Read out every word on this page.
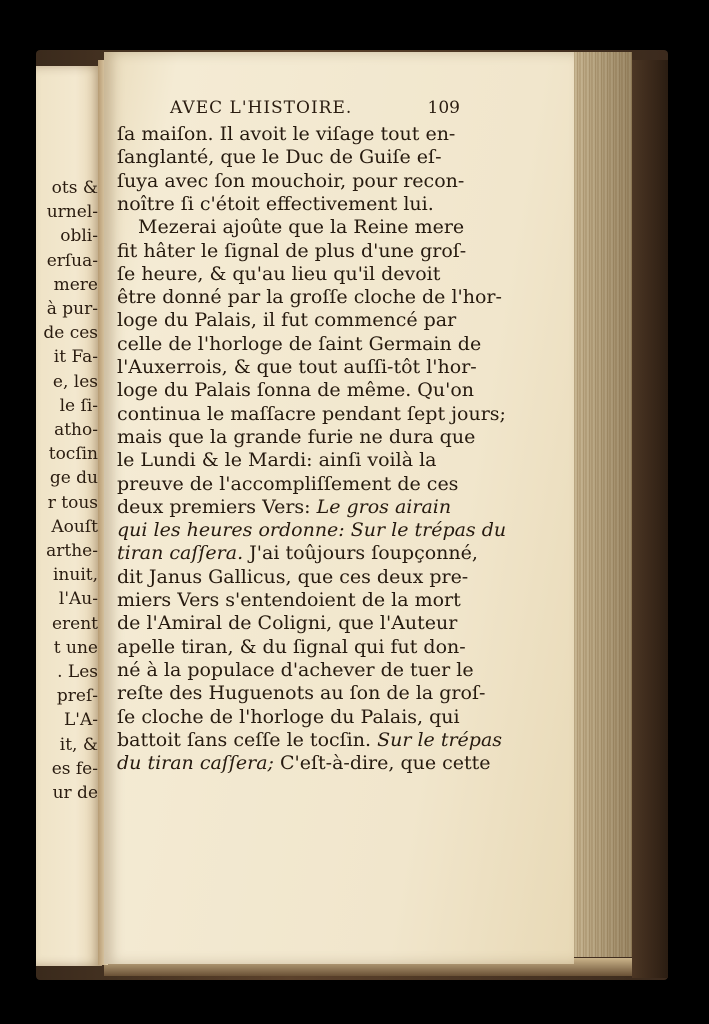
ots &
urnel-
obli-
erſua-
mere
à pur-
de ces
it Fa-
e, les
le ſi-
atho-
tocſin
ge du
r tous
Aouſt
arthe-
inuit,
l'Au-
erent
t une
. Les
preſ-
L'A-
it, &
es fe-
ur de
AVEC L'HISTOIRE.	109
ſa maiſon. Il avoit le viſage tout en-
ſanglanté, que le Duc de Guiſe eſ-
ſuya avec ſon mouchoir, pour recon-
noître ſi c'étoit effectivement lui.
Mezerai ajoûte que la Reine mere
fit hâter le ſignal de plus d'une groſ-
ſe heure, & qu'au lieu qu'il devoit
être donné par la groſſe cloche de l'hor-
loge du Palais, il fut commencé par
celle de l'horloge de ſaint Germain de
l'Auxerrois, & que tout auſſi-tôt l'hor-
loge du Palais ſonna de même. Qu'on
continua le maſſacre pendant ſept jours;
mais que la grande furie ne dura que
le Lundi & le Mardi: ainſi voilà la
preuve de l'accompliſſement de ces
deux premiers Vers: Le gros airain
qui les heures ordonne: Sur le trépas du
tiran caſſera. J'ai toûjours ſoupçonné,
dit Janus Gallicus, que ces deux pre-
miers Vers s'entendoient de la mort
de l'Amiral de Coligni, que l'Auteur
apelle tiran, & du ſignal qui fut don-
né à la populace d'achever de tuer le
reſte des Huguenots au ſon de la groſ-
ſe cloche de l'horloge du Palais, qui
battoit ſans ceſſe le tocſin. Sur le trépas
du tiran caſſera; C'eſt-à-dire, que cette
